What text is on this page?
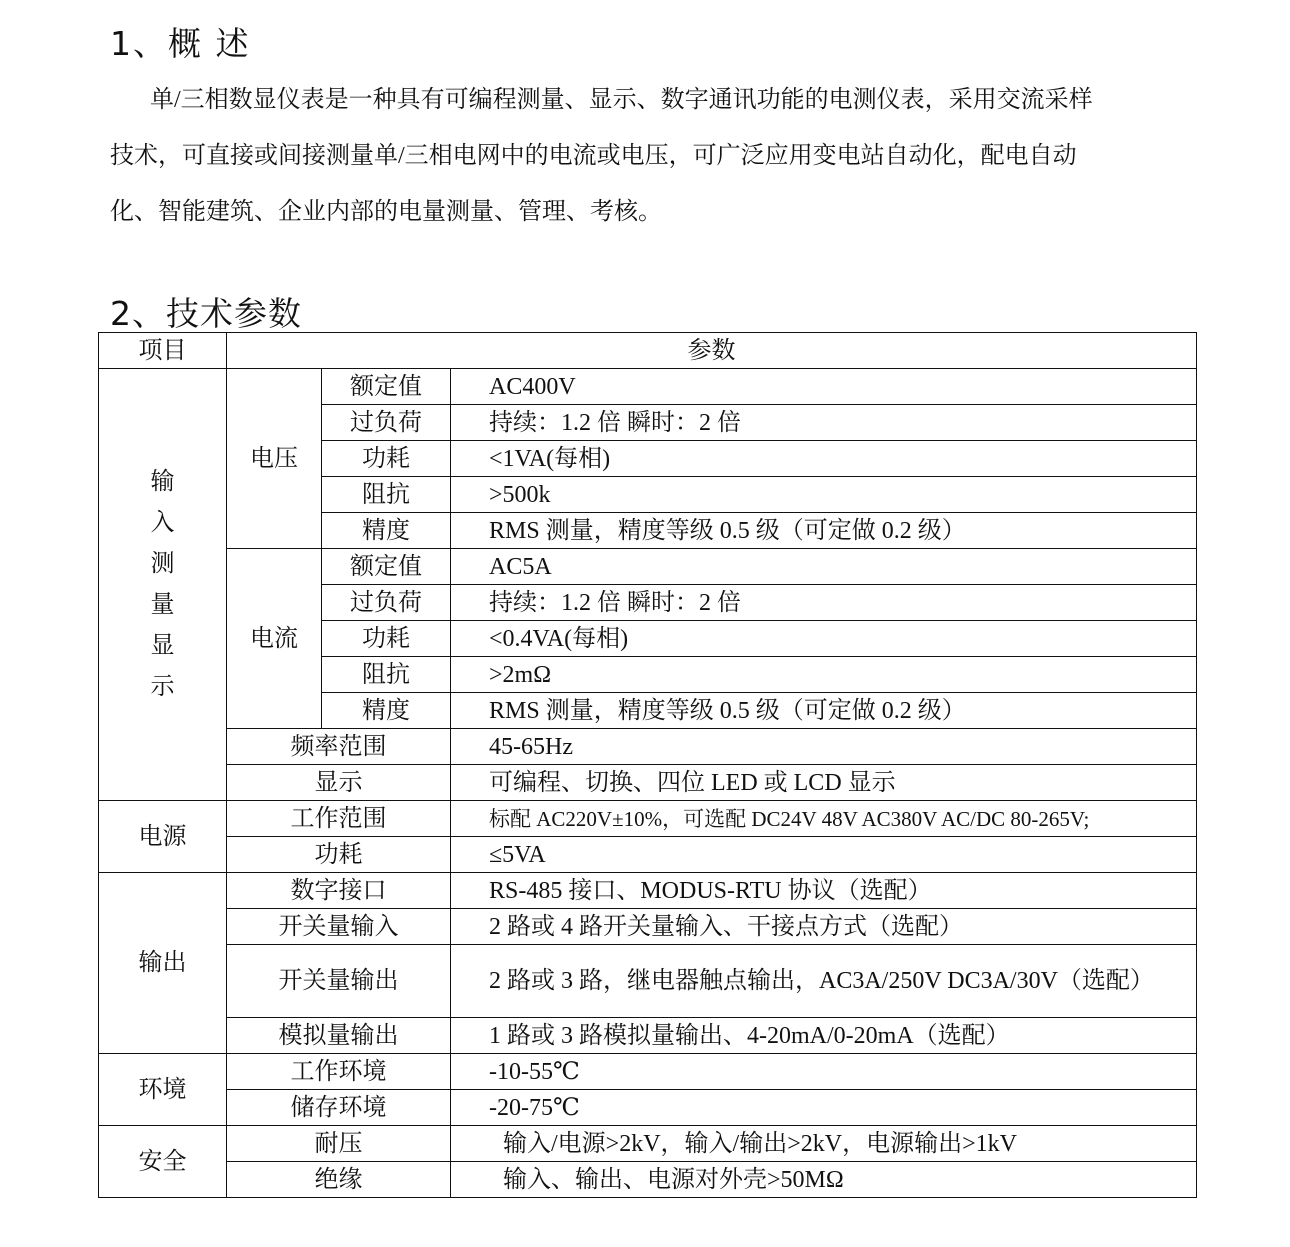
1、概 述
单/三相数显仪表是一种具有可编程测量、显示、数字通讯功能的电测仪表，采用交流采样
技术，可直接或间接测量单/三相电网中的电流或电压，可广泛应用变电站自动化，配电自动
化、智能建筑、企业内部的电量测量、管理、考核。
2、技术参数
项目	参数		
输入测量显示	电压	额定值	AC400V
		过负荷	持续：1.2 倍 瞬时：2 倍
		功耗	<1VA(每相)
		阻抗	>500k
		精度	RMS 测量，精度等级 0.5 级（可定做 0.2 级）
	电流	额定值	AC5A
		过负荷	持续：1.2 倍 瞬时：2 倍
		功耗	<0.4VA(每相)
		阻抗	>2mΩ
		精度	RMS 测量，精度等级 0.5 级（可定做 0.2 级）
	频率范围		45-65Hz
	显示		可编程、切换、四位 LED 或 LCD 显示
电源	工作范围		标配 AC220V±10%，可选配 DC24V 48V AC380V AC/DC 80-265V;
	功耗		≤5VA
输出	数字接口		RS-485 接口、MODUS-RTU 协议（选配）
	开关量输入		2 路或 4 路开关量输入、干接点方式（选配）
	开关量输出		2 路或 3 路，继电器触点输出，AC3A/250V DC3A/30V（选配）
	模拟量输出		1 路或 3 路模拟量输出、4-20mA/0-20mA（选配）
环境	工作环境		-10-55℃
	储存环境		-20-75℃
安全	耐压		输入/电源>2kV，输入/输出>2kV，电源输出>1kV
	绝缘		输入、输出、电源对外壳>50MΩ
